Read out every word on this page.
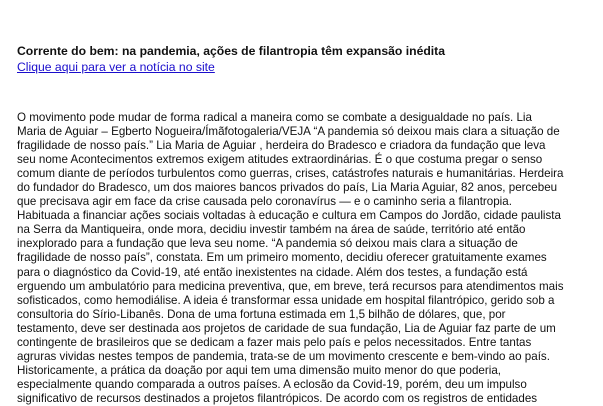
Corrente do bem: na pandemia, ações de filantropia têm expansão inédita
Clique aqui para ver a notícia no site
O movimento pode mudar de forma radical a maneira como se combate a desigualdade no país. Lia
Maria de Aguiar – Egberto Nogueira/Ímãfotogaleria/VEJA “A pandemia só deixou mais clara a situação de
fragilidade de nosso país.” Lia Maria de Aguiar , herdeira do Bradesco e criadora da fundação que leva
seu nome Acontecimentos extremos exigem atitudes extraordinárias. É o que costuma pregar o senso
comum diante de períodos turbulentos como guerras, crises, catástrofes naturais e humanitárias. Herdeira
do fundador do Bradesco, um dos maiores bancos privados do país, Lia Maria Aguiar, 82 anos, percebeu
que precisava agir em face da crise causada pelo coronavírus — e o caminho seria a filantropia.
Habituada a financiar ações sociais voltadas à educação e cultura em Campos do Jordão, cidade paulista
na Serra da Mantiqueira, onde mora, decidiu investir também na área de saúde, território até então
inexplorado para a fundação que leva seu nome. “A pandemia só deixou mais clara a situação de
fragilidade de nosso país”, constata. Em um primeiro momento, decidiu oferecer gratuitamente exames
para o diagnóstico da Covid-19, até então inexistentes na cidade. Além dos testes, a fundação está
erguendo um ambulatório para medicina preventiva, que, em breve, terá recursos para atendimentos mais
sofisticados, como hemodiálise. A ideia é transformar essa unidade em hospital filantrópico, gerido sob a
consultoria do Sírio-Libanês. Dona de uma fortuna estimada em 1,5 bilhão de dólares, que, por
testamento, deve ser destinada aos projetos de caridade de sua fundação, Lia de Aguiar faz parte de um
contingente de brasileiros que se dedicam a fazer mais pelo país e pelos necessitados. Entre tantas
agruras vividas nestes tempos de pandemia, trata-se de um movimento crescente e bem-vindo ao país.
Historicamente, a prática da doação por aqui tem uma dimensão muito menor do que poderia,
especialmente quando comparada a outros países. A eclosão da Covid-19, porém, deu um impulso
significativo de recursos destinados a projetos filantrópicos. De acordo com os registros de entidades
